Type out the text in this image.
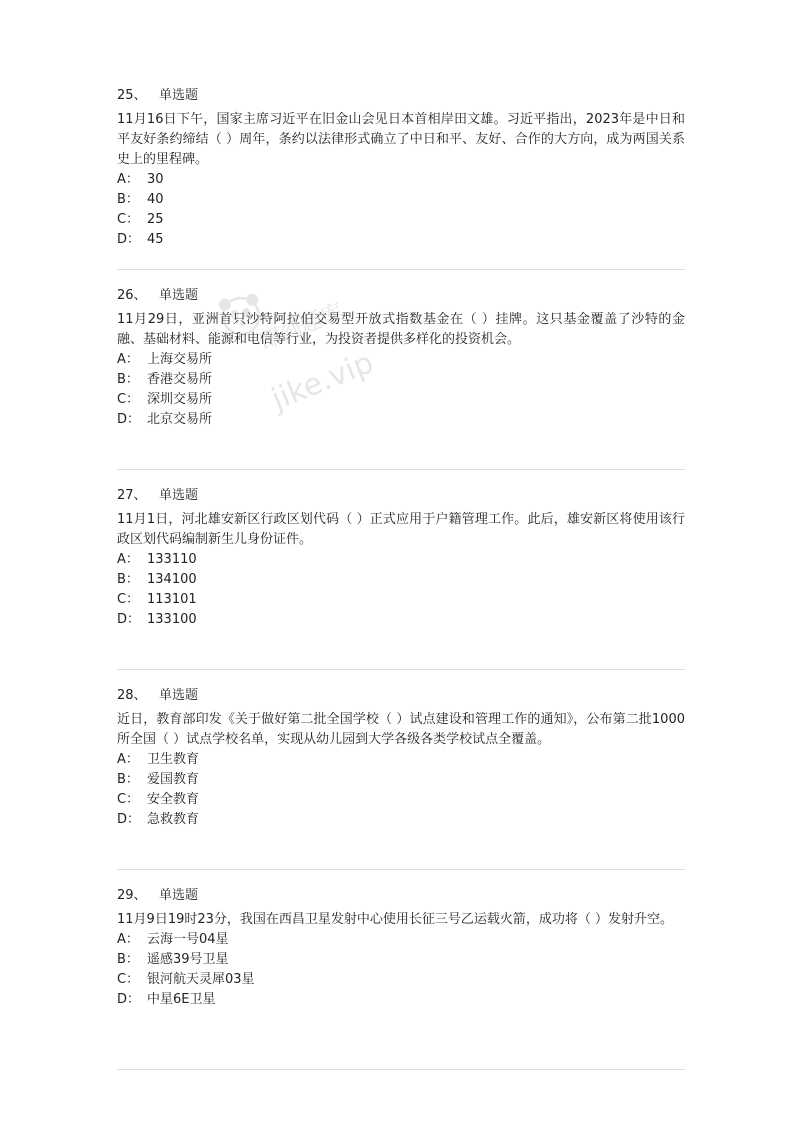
25、 单选题

11月16日下午，国家主席习近平在旧金山会见日本首相岸田文雄。习近平指出，2023年是中日和平友好条约缔结（ ）周年，条约以法律形式确立了中日和平、友好、合作的大方向，成为两国关系史上的里程碑。

A： 30
B： 40
C： 25
D： 45
26、 单选题

11月29日，亚洲首只沙特阿拉伯交易型开放式指数基金在（ ）挂牌。这只基金覆盖了沙特的金融、基础材料、能源和电信等行业，为投资者提供多样化的投资机会。

A： 上海交易所
B： 香港交易所
C： 深圳交易所
D： 北京交易所
27、 单选题

11月1日，河北雄安新区行政区划代码（ ）正式应用于户籍管理工作。此后，雄安新区将使用该行政区划代码编制新生儿身份证件。

A： 133110
B： 134100
C： 113101
D： 133100
28、 单选题

近日，教育部印发《关于做好第二批全国学校（ ）试点建设和管理工作的通知》，公布第二批1000所全国（ ）试点学校名单，实现从幼儿园到大学各级各类学校试点全覆盖。

A： 卫生教育
B： 爱国教育
C： 安全教育
D： 急救教育
29、 单选题

11月9日19时23分，我国在西昌卫星发射中心使用长征三号乙运载火箭，成功将（ ）发射升空。

A： 云海一号04星
B： 遥感39号卫星
C： 银河航天灵犀03星
D： 中星6E卫星
即刻题库
jike.vip
